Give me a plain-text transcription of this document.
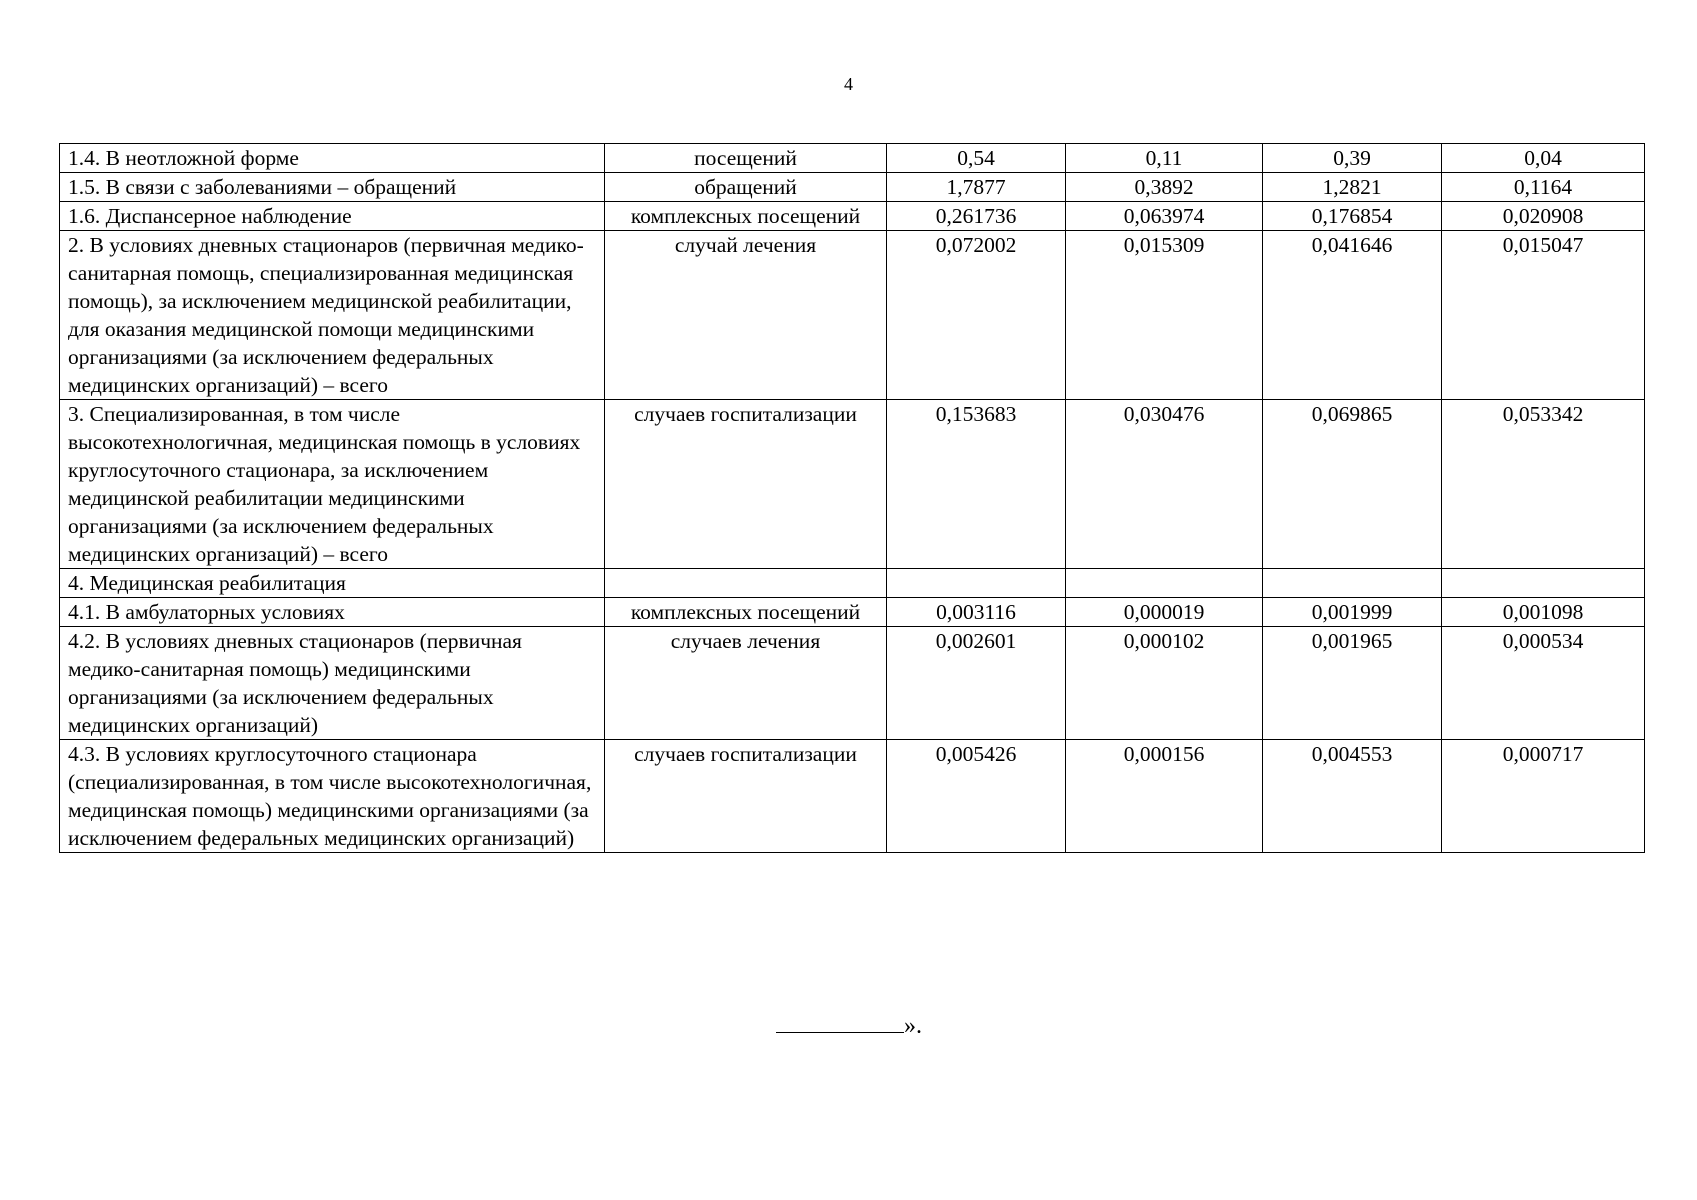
4
1.4. В неотложной форме	посещений	0,54	0,11	0,39	0,04
1.5. В связи с заболеваниями – обращений	обращений	1,7877	0,3892	1,2821	0,1164
1.6. Диспансерное наблюдение	комплексных посещений	0,261736	0,063974	0,176854	0,020908
2. В условиях дневных стационаров (первичная медико-санитарная помощь, специализированная медицинская помощь), за исключением медицинской реабилитации, для оказания медицинской помощи медицинскими организациями (за исключением федеральных медицинских организаций) – всего	случай лечения	0,072002	0,015309	0,041646	0,015047
3. Специализированная, в том числе высокотехнологичная, медицинская помощь в условиях круглосуточного стационара, за исключением медицинской реабилитации медицинскими организациями (за исключением федеральных медицинских организаций) – всего	случаев госпитализации	0,153683	0,030476	0,069865	0,053342
4. Медицинская реабилитация					
4.1. В амбулаторных условиях	комплексных посещений	0,003116	0,000019	0,001999	0,001098
4.2. В условиях дневных стационаров (первичная медико-санитарная помощь) медицинскими организациями (за исключением федеральных медицинских организаций)	случаев лечения	0,002601	0,000102	0,001965	0,000534
4.3. В условиях круглосуточного стационара (специализированная, в том числе высокотехнологичная, медицинская помощь) медицинскими организациями (за исключением федеральных медицинских организаций)	случаев госпитализации	0,005426	0,000156	0,004553	0,000717
».
